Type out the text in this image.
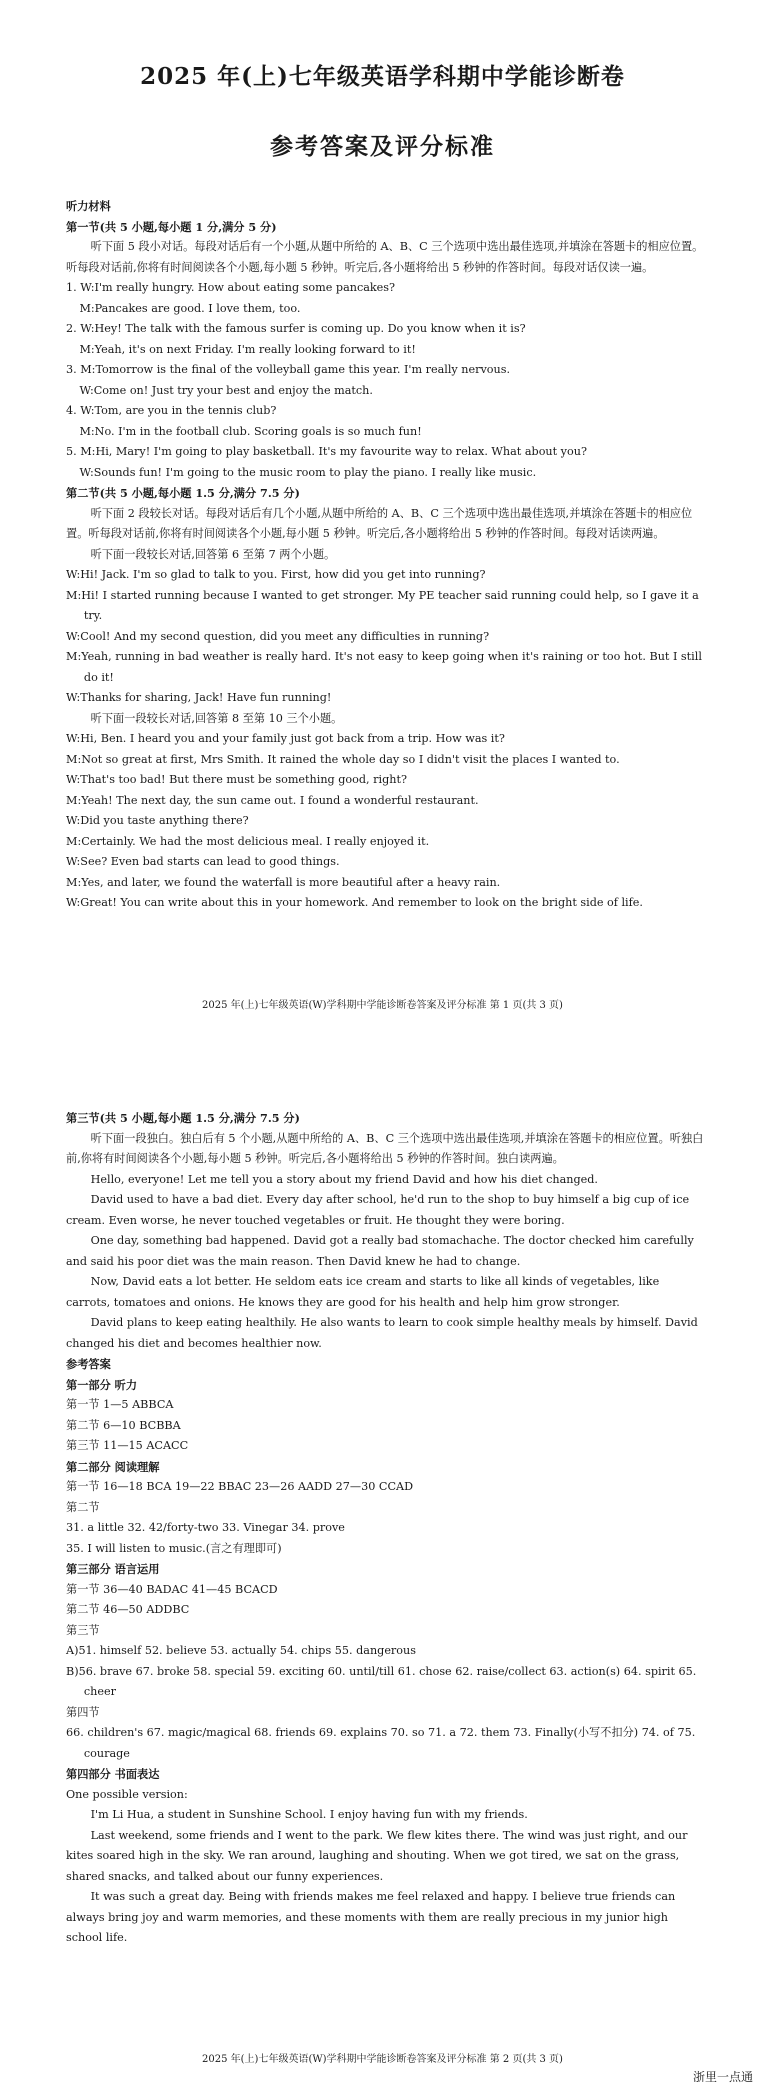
2025 年(上)七年级英语学科期中学能诊断卷
参考答案及评分标准

听力材料

第一节(共 5 小题,每小题 1 分,满分 5 分)

听下面 5 段小对话。每段对话后有一个小题,从题中所给的 A、B、C 三个选项中选出最佳选项,并填涂在答题卡的相应位置。听每段对话前,你将有时间阅读各个小题,每小题 5 秒钟。听完后,各小题将给出 5 秒钟的作答时间。每段对话仅读一遍。

1. W:I'm really hungry. How about eating some pancakes?

M:Pancakes are good. I love them, too.

2. W:Hey! The talk with the famous surfer is coming up. Do you know when it is?

M:Yeah, it's on next Friday. I'm really looking forward to it!

3. M:Tomorrow is the final of the volleyball game this year. I'm really nervous.

W:Come on! Just try your best and enjoy the match.

4. W:Tom, are you in the tennis club?

M:No. I'm in the football club. Scoring goals is so much fun!

5. M:Hi, Mary! I'm going to play basketball. It's my favourite way to relax. What about you?

W:Sounds fun! I'm going to the music room to play the piano. I really like music.

第二节(共 5 小题,每小题 1.5 分,满分 7.5 分)

听下面 2 段较长对话。每段对话后有几个小题,从题中所给的 A、B、C 三个选项中选出最佳选项,并填涂在答题卡的相应位置。听每段对话前,你将有时间阅读各个小题,每小题 5 秒钟。听完后,各小题将给出 5 秒钟的作答时间。每段对话读两遍。

听下面一段较长对话,回答第 6 至第 7 两个小题。

W:Hi! Jack. I'm so glad to talk to you. First, how did you get into running?

M:Hi! I started running because I wanted to get stronger. My PE teacher said running could help, so I gave it a try.

W:Cool! And my second question, did you meet any difficulties in running?

M:Yeah, running in bad weather is really hard. It's not easy to keep going when it's raining or too hot. But I still do it!

W:Thanks for sharing, Jack! Have fun running!

听下面一段较长对话,回答第 8 至第 10 三个小题。

W:Hi, Ben. I heard you and your family just got back from a trip. How was it?

M:Not so great at first, Mrs Smith. It rained the whole day so I didn't visit the places I wanted to.

W:That's too bad! But there must be something good, right?

M:Yeah! The next day, the sun came out. I found a wonderful restaurant.

W:Did you taste anything there?

M:Certainly. We had the most delicious meal. I really enjoyed it.

W:See? Even bad starts can lead to good things.

M:Yes, and later, we found the waterfall is more beautiful after a heavy rain.

W:Great! You can write about this in your homework. And remember to look on the bright side of life.

2025 年(上)七年级英语(W)学科期中学能诊断卷答案及评分标准 第 1 页(共 3 页)

第三节(共 5 小题,每小题 1.5 分,满分 7.5 分)

听下面一段独白。独白后有 5 个小题,从题中所给的 A、B、C 三个选项中选出最佳选项,并填涂在答题卡的相应位置。听独白前,你将有时间阅读各个小题,每小题 5 秒钟。听完后,各小题将给出 5 秒钟的作答时间。独白读两遍。

Hello, everyone! Let me tell you a story about my friend David and how his diet changed.

David used to have a bad diet. Every day after school, he'd run to the shop to buy himself a big cup of ice cream. Even worse, he never touched vegetables or fruit. He thought they were boring.

One day, something bad happened. David got a really bad stomachache. The doctor checked him carefully and said his poor diet was the main reason. Then David knew he had to change.

Now, David eats a lot better. He seldom eats ice cream and starts to like all kinds of vegetables, like carrots, tomatoes and onions. He knows they are good for his health and help him grow stronger.

David plans to keep eating healthily. He also wants to learn to cook simple healthy meals by himself. David changed his diet and becomes healthier now.

参考答案

第一部分 听力

第一节 1—5 ABBCA

第二节 6—10 BCBBA

第三节 11—15 ACACC

第二部分 阅读理解

第一节 16—18 BCA 19—22 BBAC 23—26 AADD 27—30 CCAD

第二节

31. a little 32. 42/forty-two 33. Vinegar 34. prove

35. I will listen to music.(言之有理即可)

第三部分 语言运用

第一节 36—40 BADAC 41—45 BCACD

第二节 46—50 ADDBC

第三节

A)51. himself 52. believe 53. actually 54. chips 55. dangerous

B)56. brave 67. broke 58. special 59. exciting 60. until/till 61. chose 62. raise/collect 63. action(s) 64. spirit 65. cheer

第四节

66. children's 67. magic/magical 68. friends 69. explains 70. so 71. a 72. them 73. Finally(小写不扣分) 74. of 75. courage

第四部分 书面表达

One possible version:

I'm Li Hua, a student in Sunshine School. I enjoy having fun with my friends.

Last weekend, some friends and I went to the park. We flew kites there. The wind was just right, and our kites soared high in the sky. We ran around, laughing and shouting. When we got tired, we sat on the grass, shared snacks, and talked about our funny experiences.

It was such a great day. Being with friends makes me feel relaxed and happy. I believe true friends can always bring joy and warm memories, and these moments with them are really precious in my junior high school life.

2025 年(上)七年级英语(W)学科期中学能诊断卷答案及评分标准 第 2 页(共 3 页)
浙里一点通
